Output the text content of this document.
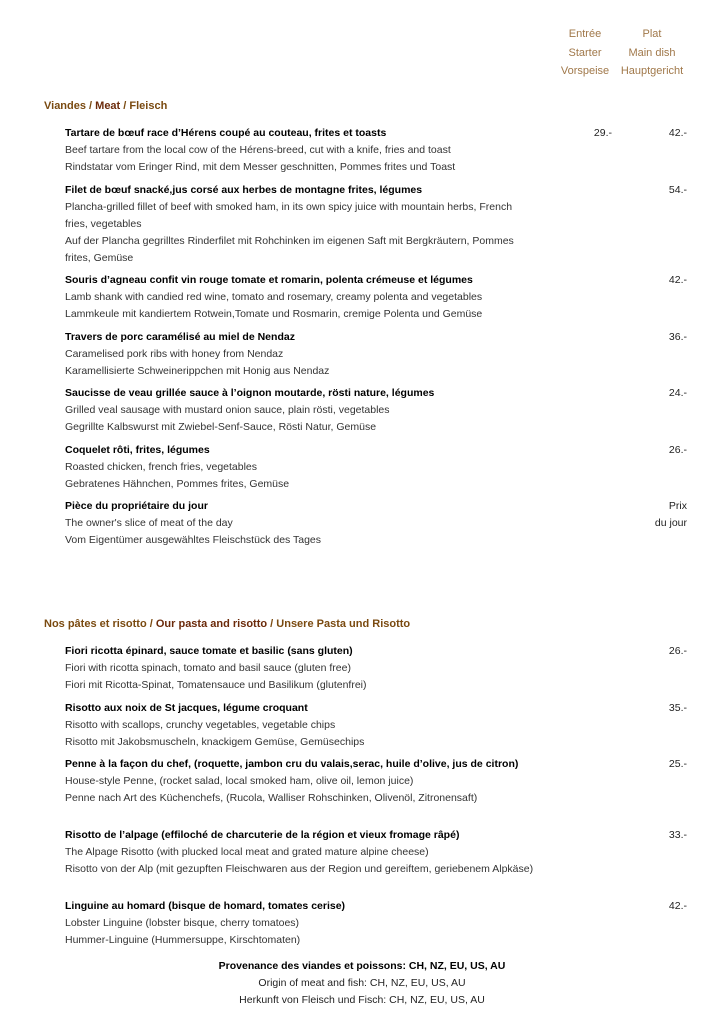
Entrée
Starter
Vorspeise
Plat
Main dish
Hauptgericht
Viandes / Meat / Fleisch
Tartare de bœuf race d’Hérens coupé au couteau, frites et toasts
Beef tartare from the local cow of the Hérens-breed, cut with a knife, fries and toast
Rindstatar vom Eringer Rind, mit dem Messer geschnitten, Pommes frites und Toast
29.-	42.-
Filet de bœuf snacké,jus corsé aux herbes de montagne frites, légumes
Plancha-grilled fillet of beef with smoked ham, in its own spicy juice with mountain herbs, French fries, vegetables
Auf der Plancha gegrilltes Rinderfilet mit Rohchinken im eigenen Saft mit Bergkräutern, Pommes frites, Gemüse
54.-
Souris d’agneau confit vin rouge tomate et romarin, polenta crémeuse et légumes
Lamb shank with candied red wine, tomato and rosemary, creamy polenta and vegetables
Lammkeule mit kandiertem Rotwein,Tomate und Rosmarin, cremige Polenta und Gemüse
42.-
Travers de porc caramélisé au miel de Nendaz
Caramelised pork ribs with honey from Nendaz
Karamellisierte Schweinerippchen mit Honig aus Nendaz
36.-
Saucisse de veau grillée sauce à l’oignon moutarde, rösti nature, légumes
Grilled veal sausage with mustard onion sauce, plain rösti, vegetables
Gegrillte Kalbswurst mit Zwiebel-Senf-Sauce, Rösti Natur, Gemüse
24.-
Coquelet rôti, frites, légumes
Roasted chicken, french fries, vegetables
Gebratenes Hähnchen, Pommes frites, Gemüse
26.-
Pièce du propriétaire du jour
The owner's slice of meat of the day
Vom Eigentümer ausgewähltes Fleischstück des Tages
Prix
du jour
Nos pâtes et risotto / Our pasta and risotto / Unsere Pasta und Risotto
Fiori ricotta épinard, sauce tomate et basilic (sans gluten)
Fiori with ricotta spinach, tomato and basil sauce (gluten free)
Fiori mit Ricotta-Spinat, Tomatensauce und Basilikum (glutenfrei)
26.-
Risotto aux noix de St jacques, légume croquant
Risotto with scallops, crunchy vegetables, vegetable chips
Risotto mit Jakobsmuscheln, knackigem Gemüse, Gemüsechips
35.-
Penne à la façon du chef, (roquette, jambon cru du valais,serac, huile d’olive, jus de citron)
House-style Penne, (rocket salad, local smoked ham, olive oil, lemon juice)
Penne nach Art des Küchenchefs, (Rucola, Walliser Rohschinken, Olivenöl, Zitronensaft)
25.-
Risotto de l’alpage (effiloché de charcuterie de la région et vieux fromage râpé)
The Alpage Risotto (with plucked local meat and grated mature alpine cheese)
Risotto von der Alp (mit gezupften Fleischwaren aus der Region und gereiftem, geriebenem Alpkäse)
33.-
Linguine au homard (bisque de homard, tomates cerise)
Lobster Linguine (lobster bisque, cherry tomatoes)
Hummer-Linguine (Hummersuppe, Kirschtomaten)
42.-
Provenance des viandes et poissons: CH, NZ, EU, US, AU
Origin of meat and fish: CH, NZ, EU, US, AU
Herkunft von Fleisch und Fisch: CH, NZ, EU, US, AU
